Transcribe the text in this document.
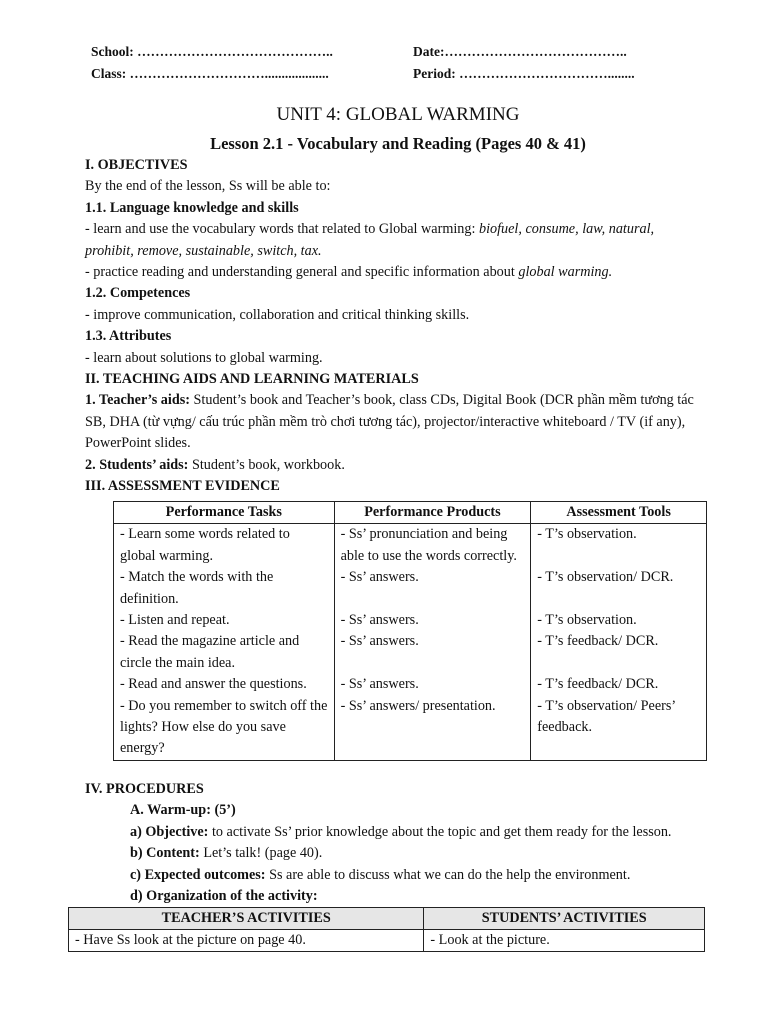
School: ……………………………………..	Date:…………………………………..
Class: …………………………...................	Period: ……………………………........
UNIT 4: GLOBAL WARMING
Lesson 2.1 - Vocabulary and Reading (Pages 40 & 41)

I. OBJECTIVES

By the end of the lesson, Ss will be able to:

1.1. Language knowledge and skills

- learn and use the vocabulary words that related to Global warming: biofuel, consume, law, natural,
prohibit, remove, sustainable, switch, tax.

- practice reading and understanding general and specific information about global warming.

1.2. Competences

- improve communication, collaboration and critical thinking skills.

1.3. Attributes

- learn about solutions to global warming.

II. TEACHING AIDS AND LEARNING MATERIALS

1. Teacher’s aids: Student’s book and Teacher’s book, class CDs, Digital Book (DCR phần mềm tương tác SB, DHA (từ vựng/ cấu trúc phần mềm trò chơi tương tác), projector/interactive whiteboard / TV (if any), PowerPoint slides.

2. Students’ aids: Student’s book, workbook.

III. ASSESSMENT EVIDENCE

Performance Tasks	Performance Products	Assessment Tools
- Learn some words related to global warming.	- Ss’ pronunciation and being able to use the words correctly.	- T’s observation.
- Match the words with the definition.	- Ss’ answers.	- T’s observation/ DCR.
- Listen and repeat.	- Ss’ answers.	- T’s observation.
- Read the magazine article and circle the main idea.	- Ss’ answers.	- T’s feedback/ DCR.
- Read and answer the questions.	- Ss’ answers.	- T’s feedback/ DCR.
- Do you remember to switch off the lights? How else do you save energy?	- Ss’ answers/ presentation.	- T’s observation/ Peers’ feedback.

IV. PROCEDURES

A. Warm-up: (5’)

a) Objective: to activate Ss’ prior knowledge about the topic and get them ready for the lesson.

b) Content: Let’s talk! (page 40).

c) Expected outcomes: Ss are able to discuss what we can do the help the environment.

d) Organization of the activity:

TEACHER’S ACTIVITIES	STUDENTS’ ACTIVITIES
- Have Ss look at the picture on page 40.	- Look at the picture.
